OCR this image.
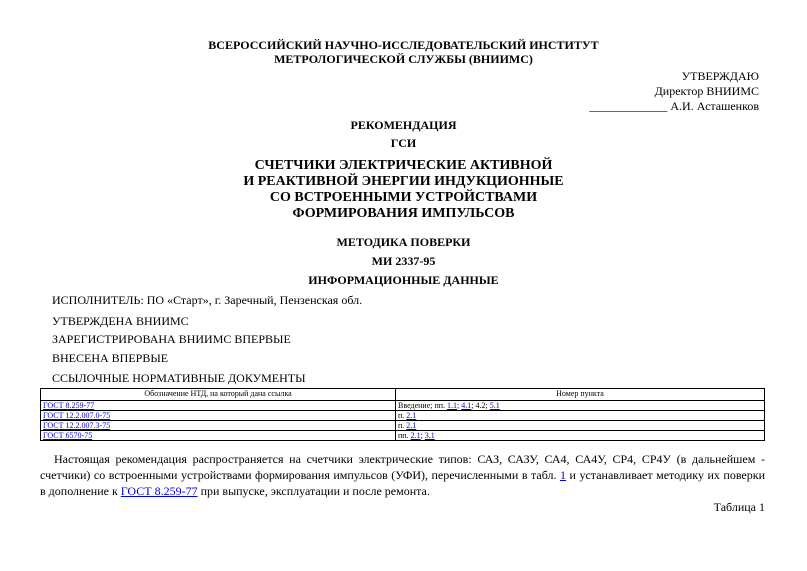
ВСЕРОССИЙСКИЙ НАУЧНО-ИССЛЕДОВАТЕЛЬСКИЙ ИНСТИТУТ
МЕТРОЛОГИЧЕСКОЙ СЛУЖБЫ (ВНИИМС)
УТВЕРЖДАЮ
Директор ВНИИМС
_____________ А.И. Асташенков
РЕКОМЕНДАЦИЯ
ГСИ
СЧЕТЧИКИ ЭЛЕКТРИЧЕСКИЕ АКТИВНОЙ
И РЕАКТИВНОЙ ЭНЕРГИИ ИНДУКЦИОННЫЕ
СО ВСТРОЕННЫМИ УСТРОЙСТВАМИ
ФОРМИРОВАНИЯ ИМПУЛЬСОВ
МЕТОДИКА ПОВЕРКИ
МИ 2337-95
ИНФОРМАЦИОННЫЕ ДАННЫЕ
ИСПОЛНИТЕЛЬ: ПО «Старт», г. Заречный, Пензенская обл.
УТВЕРЖДЕНА ВНИИМС
ЗАРЕГИСТРИРОВАНА ВНИИМС ВПЕРВЫЕ
ВНЕСЕНА ВПЕРВЫЕ
ССЫЛОЧНЫЕ НОРМАТИВНЫЕ ДОКУМЕНТЫ
Обозначение НТД, на который дана ссылка	Номер пункта
ГОСТ 8.259-77	Введение; пп. 1.1; 4.1; 4.2; 5.1
ГОСТ 12.2.007.0-75	п. 2.1
ГОСТ 12.2.007.3-75	п. 2.1
ГОСТ 6570-75	пп. 2.1; 3.1
Настоящая рекомендация распространяется на счетчики электрические типов: САЗ, САЗУ, СА4, СА4У, СР4, СР4У (в дальнейшем - счетчики) со встроенными устройствами формирования импульсов (УФИ), перечисленными в табл. 1 и устанавливает методику их поверки в дополнение к ГОСТ 8.259-77 при выпуске, эксплуатации и после ремонта.
Таблица 1
